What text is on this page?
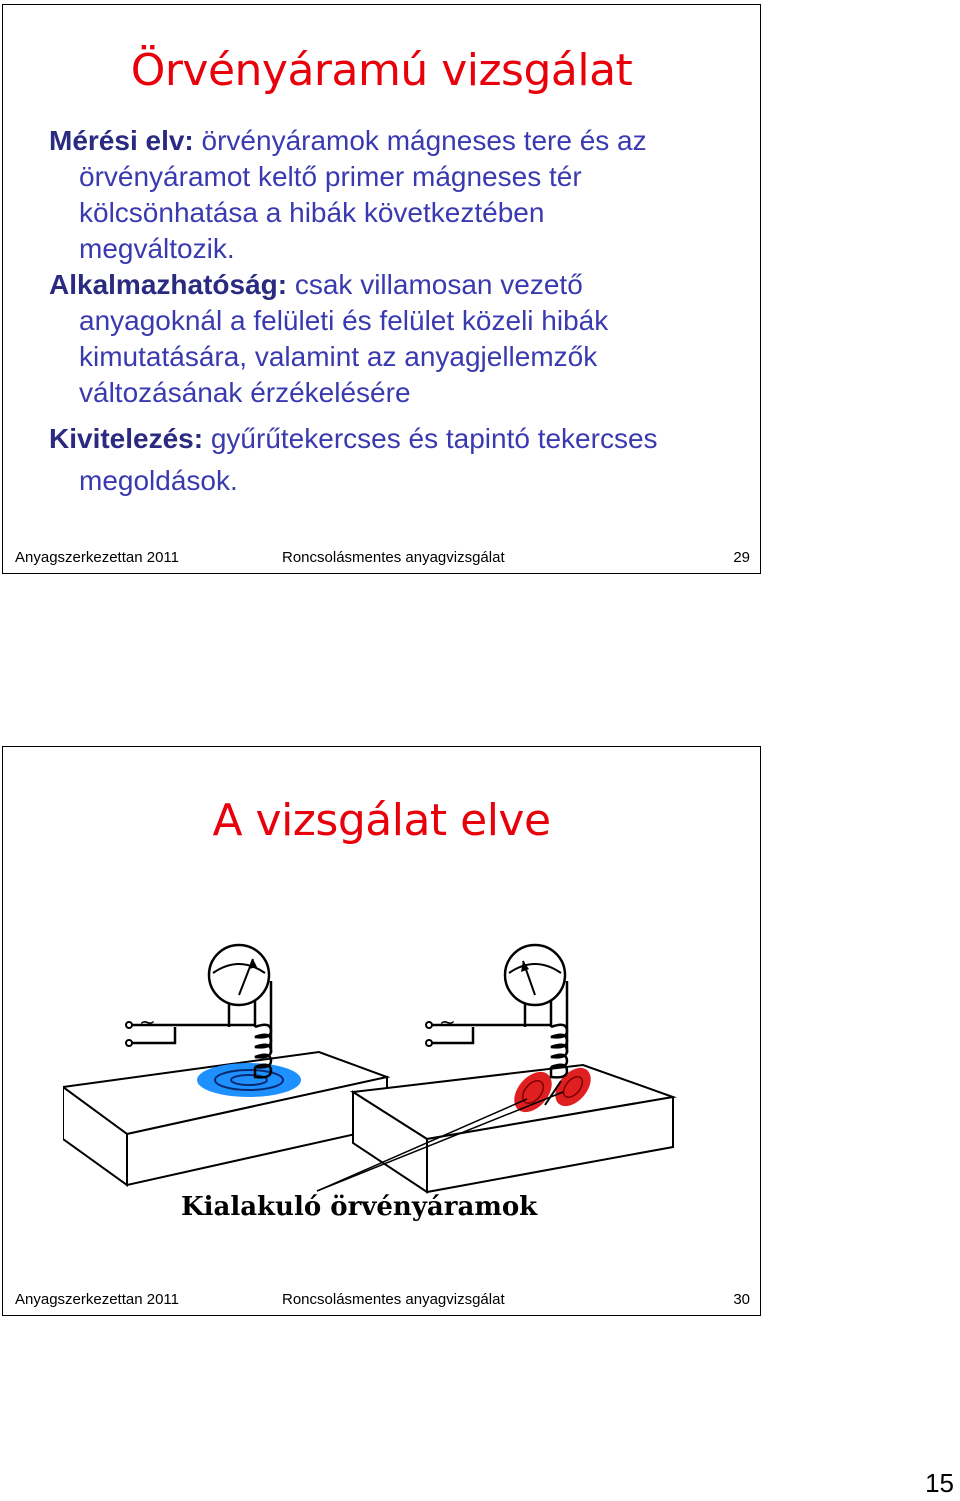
Örvényáramú vizsgálat

Mérési elv: örvényáramok mágneses tere és az
örvényáramot keltő primer mágneses tér
kölcsönhatása a hibák következtében
megváltozik.

Alkalmazhatóság: csak villamosan vezető
anyagoknál a felületi és felület közeli hibák
kimutatására, valamint az anyagjellemzők
változásának érzékelésére

Kivitelezés: gyűrűtekercses és tapintó tekercses
megoldások.

Anyagszerkezettan 2011	Roncsolásmentes anyagvizsgálat	29
A vizsgálat elve
~	~
Kialakuló örvényáramok
Anyagszerkezettan 2011	Roncsolásmentes anyagvizsgálat	30
15
